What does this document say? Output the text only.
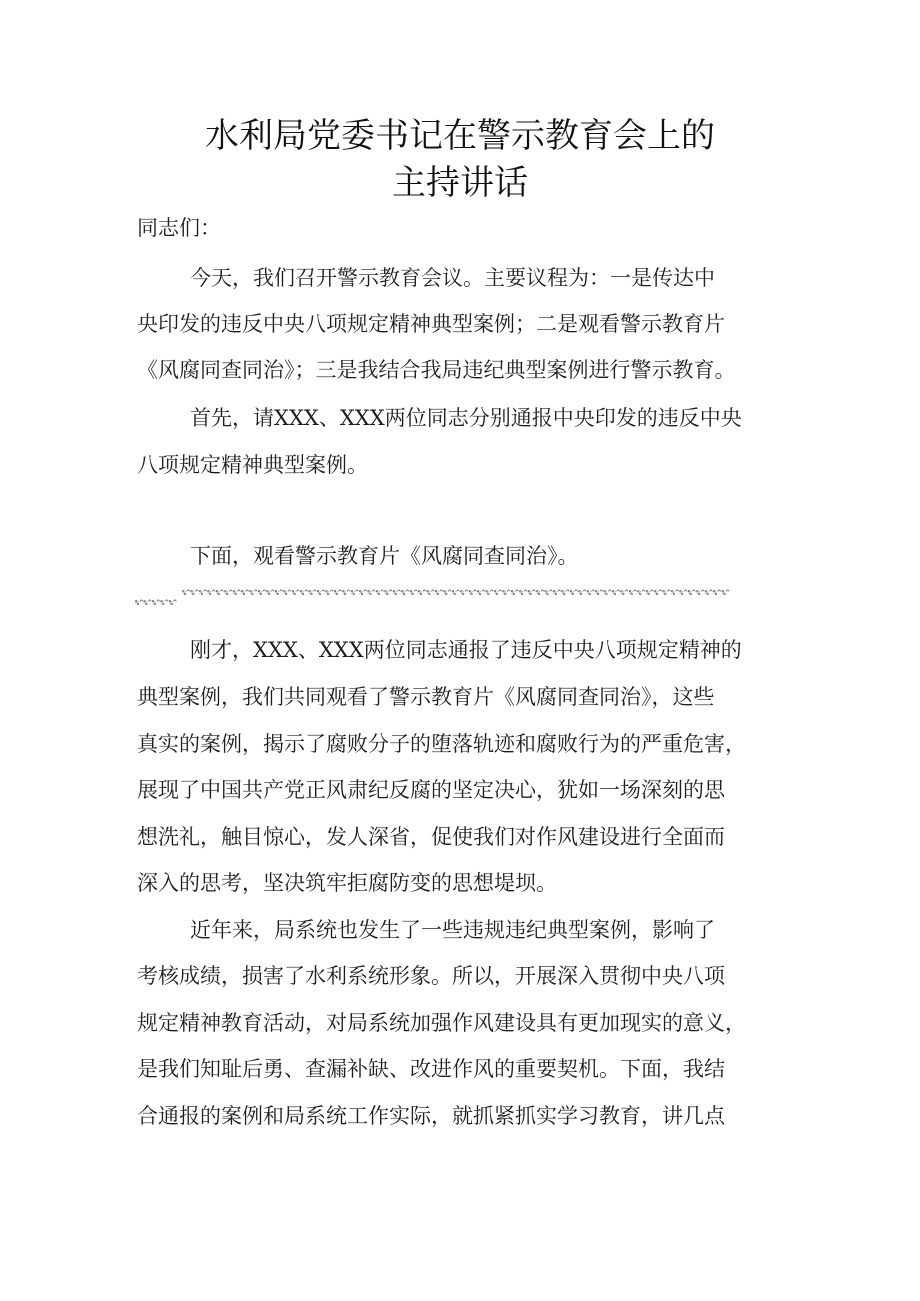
水利局党委书记在警示教育会上的
主持讲话
同志们：
今天，我们召开警示教育会议。主要议程为：一是传达中
央印发的违反中央八项规定精神典型案例；二是观看警示教育片
《风腐同查同治》；三是我结合我局违纪典型案例进行警示教育。
首先，请XXX、XXX两位同志分别通报中央印发的违反中央
八项规定精神典型案例。
下面，观看警示教育片《风腐同查同治》。
%^%^%^%^%^%^%^%^%^%^%^%^%^%^%^%^%^%^%^%^%^%^%^%^%^%^%^%^%^%^%^%^%^%^%^%^%^%^%^%^%^%^%^%^%^%^%^%^%^%^%^%^%^%^%^%^%^%^%^%^%^%^%^%^%^
%^%^%^%^%^
刚才，XXX、XXX两位同志通报了违反中央八项规定精神的
典型案例，我们共同观看了警示教育片《风腐同查同治》，这些
真实的案例，揭示了腐败分子的堕落轨迹和腐败行为的严重危害，
展现了中国共产党正风肃纪反腐的坚定决心，犹如一场深刻的思
想洗礼，触目惊心，发人深省，促使我们对作风建设进行全面而
深入的思考，坚决筑牢拒腐防变的思想堤坝。
近年来，局系统也发生了一些违规违纪典型案例，影响了
考核成绩，损害了水利系统形象。所以，开展深入贯彻中央八项
规定精神教育活动，对局系统加强作风建设具有更加现实的意义，
是我们知耻后勇、查漏补缺、改进作风的重要契机。下面，我结
合通报的案例和局系统工作实际，就抓紧抓实学习教育，讲几点
